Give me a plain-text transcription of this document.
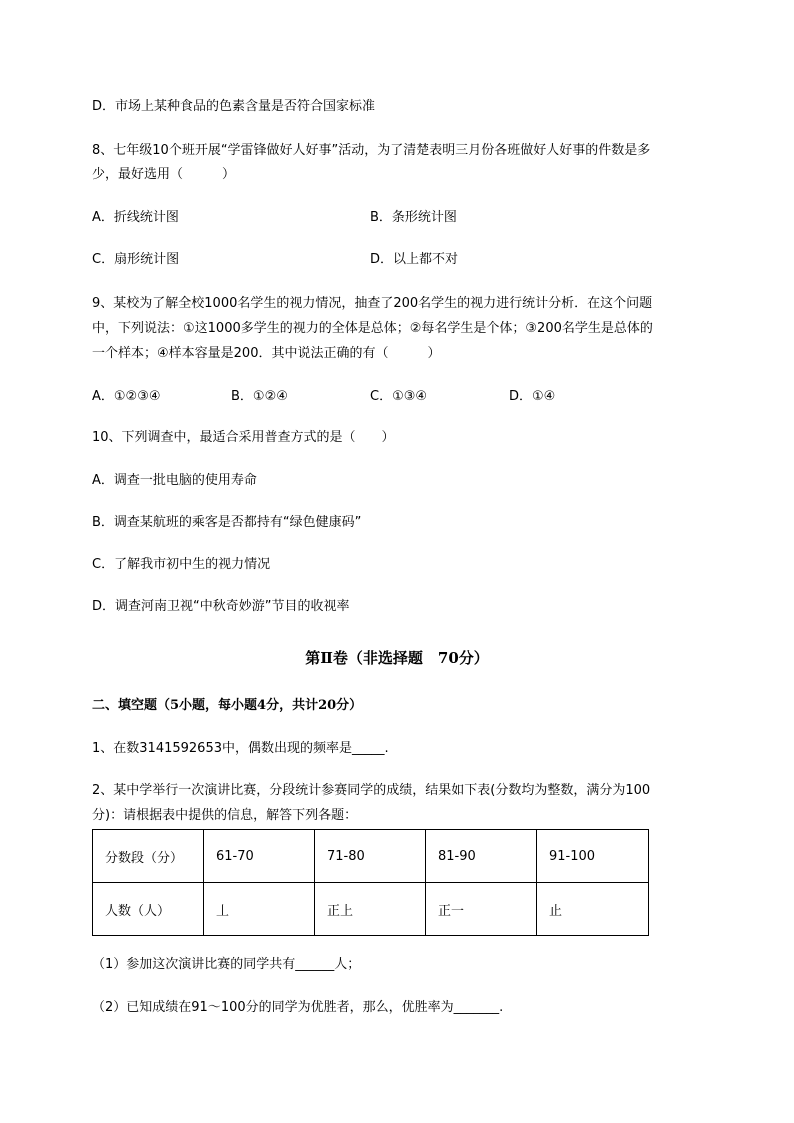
D．市场上某种食品的色素含量是否符合国家标准
8、七年级10个班开展“学雷锋做好人好事”活动，为了清楚表明三月份各班做好人好事的件数是多
少，最好选用（　　　）
A．折线统计图	B．条形统计图
C．扇形统计图	D．以上都不对
9、某校为了解全校1000名学生的视力情况，抽查了200名学生的视力进行统计分析．在这个问题
中，下列说法：①这1000多学生的视力的全体是总体；②每名学生是个体；③200名学生是总体的
一个样本；④样本容量是200．其中说法正确的有（　　　）
A．①②③④	B．①②④	C．①③④	D．①④
10、下列调查中，最适合采用普查方式的是（　　）
A．调查一批电脑的使用寿命
B．调查某航班的乘客是否都持有“绿色健康码”
C．了解我市初中生的视力情况
D．调查河南卫视“中秋奇妙游”节目的收视率
第Ⅱ卷（非选择题　70分）
二、填空题（5小题，每小题4分，共计20分）
1、在数3141592653中，偶数出现的频率是_____.
2、某中学举行一次演讲比赛，分段统计参赛同学的成绩，结果如下表(分数均为整数，满分为100
分)：请根据表中提供的信息，解答下列各题：
分数段（分）	61-70	71-80	81-90	91-100
人数（人）	丄	正上	正一	止
（1）参加这次演讲比赛的同学共有______人；
（2）已知成绩在91～100分的同学为优胜者，那么，优胜率为_______.
